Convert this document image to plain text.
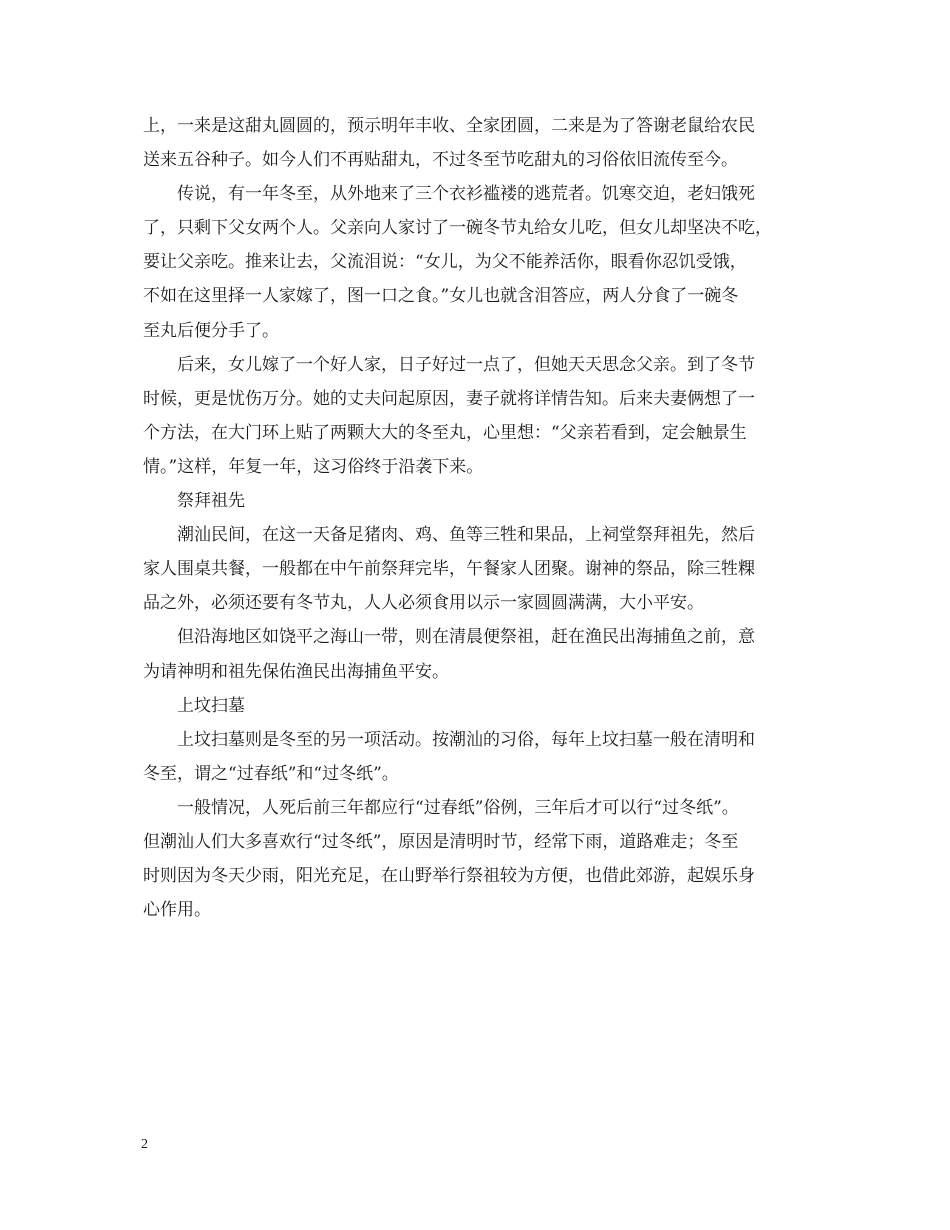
上，一来是这甜丸圆圆的，预示明年丰收、全家团圆，二来是为了答谢老鼠给农民
送来五谷种子。如今人们不再贴甜丸，不过冬至节吃甜丸的习俗依旧流传至今。
传说，有一年冬至，从外地来了三个衣衫褴褛的逃荒者。饥寒交迫，老妇饿死
了，只剩下父女两个人。父亲向人家讨了一碗冬节丸给女儿吃，但女儿却坚决不吃，
要让父亲吃。推来让去，父流泪说：“女儿，为父不能养活你，眼看你忍饥受饿，
不如在这里择一人家嫁了，图一口之食。”女儿也就含泪答应，两人分食了一碗冬
至丸后便分手了。
后来，女儿嫁了一个好人家，日子好过一点了，但她天天思念父亲。到了冬节
时候，更是忧伤万分。她的丈夫问起原因，妻子就将详情告知。后来夫妻俩想了一
个方法，在大门环上贴了两颗大大的冬至丸，心里想：“父亲若看到，定会触景生
情。”这样，年复一年，这习俗终于沿袭下来。
祭拜祖先
潮汕民间，在这一天备足猪肉、鸡、鱼等三牲和果品，上祠堂祭拜祖先，然后
家人围桌共餐，一般都在中午前祭拜完毕，午餐家人团聚。谢神的祭品，除三牲粿
品之外，必须还要有冬节丸，人人必须食用以示一家圆圆满满，大小平安。
但沿海地区如饶平之海山一带，则在清晨便祭祖，赶在渔民出海捕鱼之前，意
为请神明和祖先保佑渔民出海捕鱼平安。
上坟扫墓
上坟扫墓则是冬至的另一项活动。按潮汕的习俗，每年上坟扫墓一般在清明和
冬至，谓之“过春纸”和“过冬纸”。
一般情况，人死后前三年都应行“过春纸”俗例，三年后才可以行“过冬纸”。
但潮汕人们大多喜欢行“过冬纸”，原因是清明时节，经常下雨，道路难走；冬至
时则因为冬天少雨，阳光充足，在山野举行祭祖较为方便，也借此郊游，起娱乐身
心作用。
2
